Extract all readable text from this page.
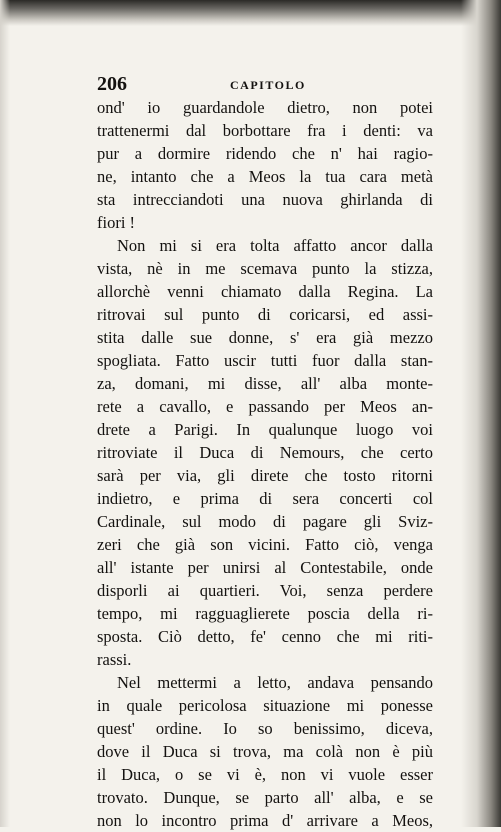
206	CAPITOLO
ond' io guardandole dietro, non potei
trattenermi dal borbottare fra i denti: va
pur a dormire ridendo che n' hai ragio-
ne, intanto che a Meos la tua cara metà
sta intrecciandoti una nuova ghirlanda di
fiori !
Non mi si era tolta affatto ancor dalla
vista, nè in me scemava punto la stizza,
allorchè venni chiamato dalla Regina. La
ritrovai sul punto di coricarsi, ed assi-
stita dalle sue donne, s' era già mezzo
spogliata. Fatto uscir tutti fuor dalla stan-
za, domani, mi disse, all' alba monte-
rete a cavallo, e passando per Meos an-
drete a Parigi. In qualunque luogo voi
ritroviate il Duca di Nemours, che certo
sarà per via, gli direte che tosto ritorni
indietro, e prima di sera concerti col
Cardinale, sul modo di pagare gli Sviz-
zeri che già son vicini. Fatto ciò, venga
all' istante per unirsi al Contestabile, onde
disporli ai quartieri. Voi, senza perdere
tempo, mi ragguaglierete poscia della ri-
sposta. Ciò detto, fe' cenno che mi riti-
rassi.
Nel mettermi a letto, andava pensando
in quale pericolosa situazione mi ponesse
quest' ordine. Io so benissimo, diceva,
dove il Duca si trova, ma colà non è più
il Duca, o se vi è, non vi vuole esser
trovato. Dunque, se parto all' alba, e se
non lo incontro prima d' arrivare a Meos,
